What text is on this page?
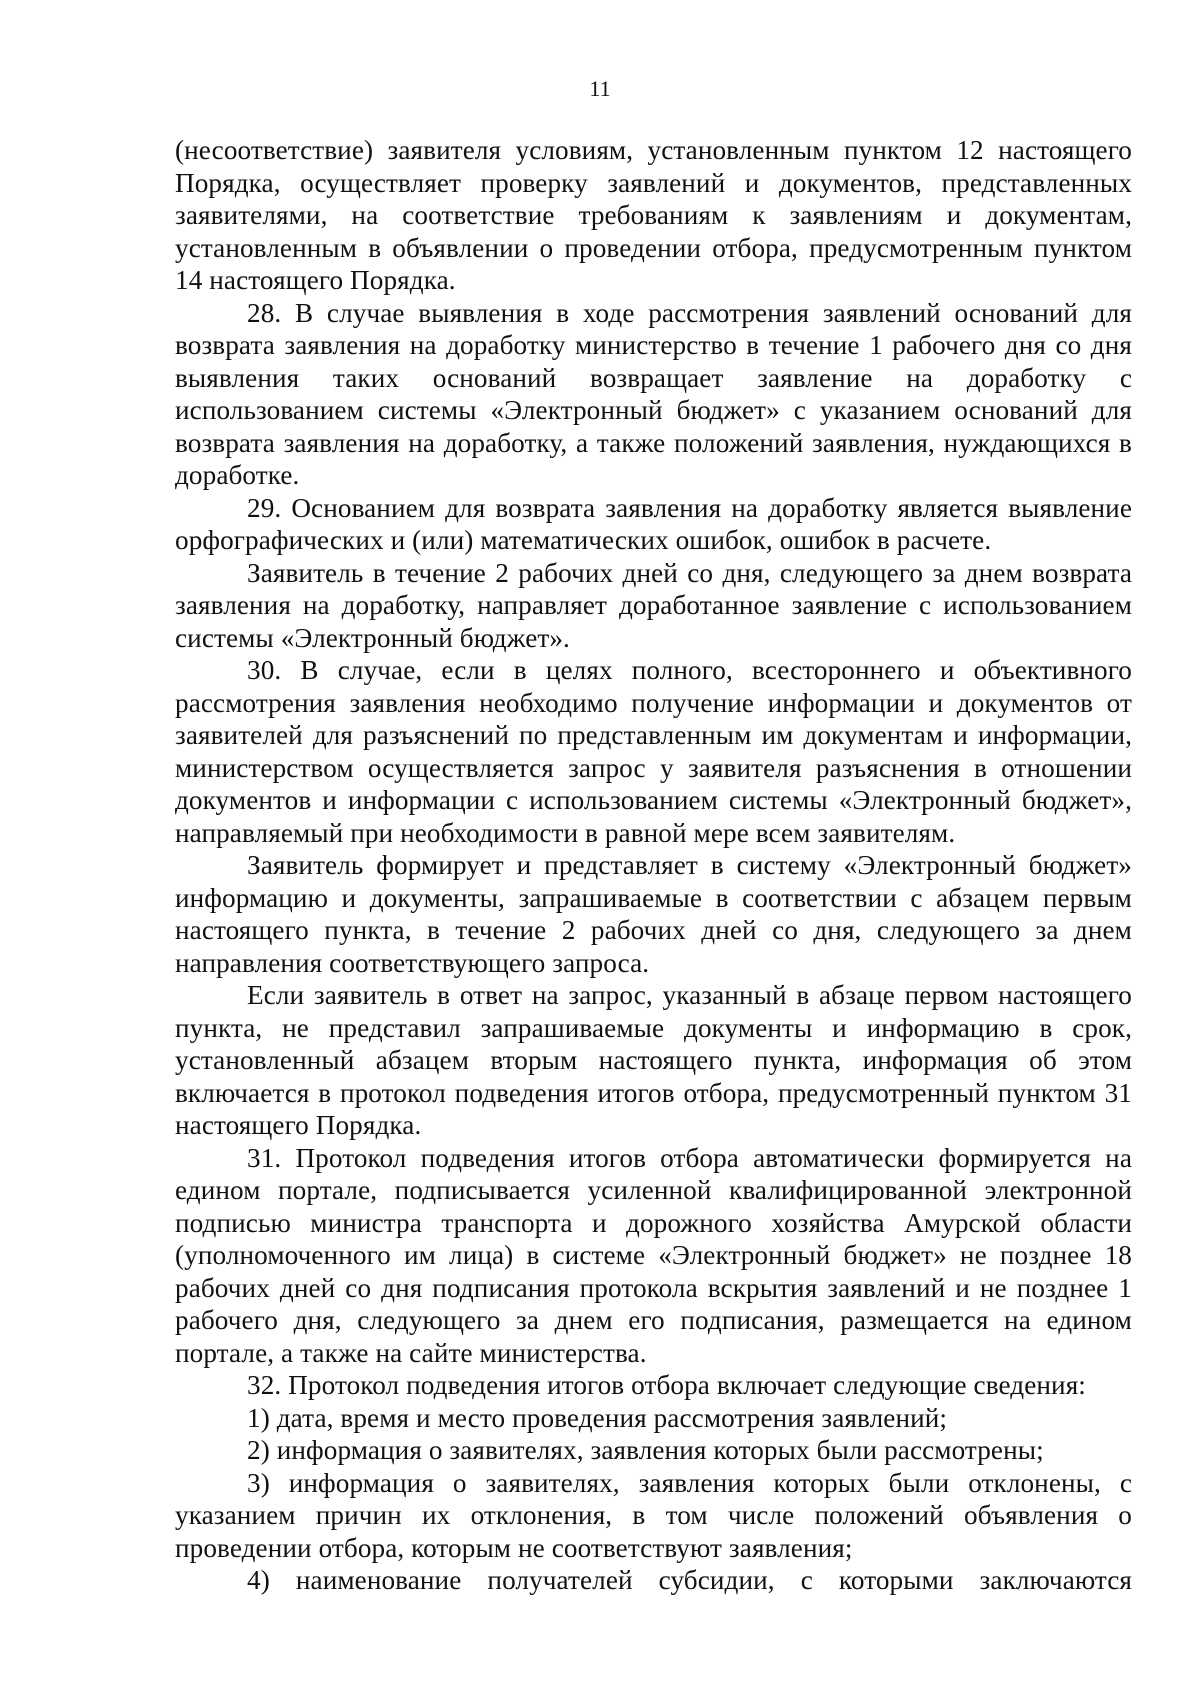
11

(несоответствие) заявителя условиям, установленным пунктом 12 настоящего Порядка, осуществляет проверку заявлений и документов, представленных заявителями, на соответствие требованиям к заявлениям и документам, установленным в объявлении о проведении отбора, предусмотренным пунктом 14 настоящего Порядка.

28. В случае выявления в ходе рассмотрения заявлений оснований для возврата заявления на доработку министерство в течение 1 рабочего дня со дня выявления таких оснований возвращает заявление на доработку с использованием системы «Электронный бюджет» с указанием оснований для возврата заявления на доработку, а также положений заявления, нуждающихся в доработке.

29. Основанием для возврата заявления на доработку является выявление орфографических и (или) математических ошибок, ошибок в расчете.

Заявитель в течение 2 рабочих дней со дня, следующего за днем возврата заявления на доработку, направляет доработанное заявление с использованием системы «Электронный бюджет».

30. В случае, если в целях полного, всестороннего и объективного рассмотрения заявления необходимо получение информации и документов от заявителей для разъяснений по представленным им документам и информации, министерством осуществляется запрос у заявителя разъяснения в отношении документов и информации с использованием системы «Электронный бюджет», направляемый при необходимости в равной мере всем заявителям.

Заявитель формирует и представляет в систему «Электронный бюджет» информацию и документы, запрашиваемые в соответствии с абзацем первым настоящего пункта, в течение 2 рабочих дней со дня, следующего за днем направления соответствующего запроса.

Если заявитель в ответ на запрос, указанный в абзаце первом настоящего пункта, не представил запрашиваемые документы и информацию в срок, установленный абзацем вторым настоящего пункта, информация об этом включается в протокол подведения итогов отбора, предусмотренный пунктом 31 настоящего Порядка.

31. Протокол подведения итогов отбора автоматически формируется на едином портале, подписывается усиленной квалифицированной электронной подписью министра транспорта и дорожного хозяйства Амурской области (уполномоченного им лица) в системе «Электронный бюджет» не позднее 18 рабочих дней со дня подписания протокола вскрытия заявлений и не позднее 1 рабочего дня, следующего за днем его подписания, размещается на едином портале, а также на сайте министерства.

32. Протокол подведения итогов отбора включает следующие сведения:

1) дата, время и место проведения рассмотрения заявлений;

2) информация о заявителях, заявления которых были рассмотрены;

3) информация о заявителях, заявления которых были отклонены, с указанием причин их отклонения, в том числе положений объявления о проведении отбора, которым не соответствуют заявления;

4) наименование получателей субсидии, с которыми заключаются
